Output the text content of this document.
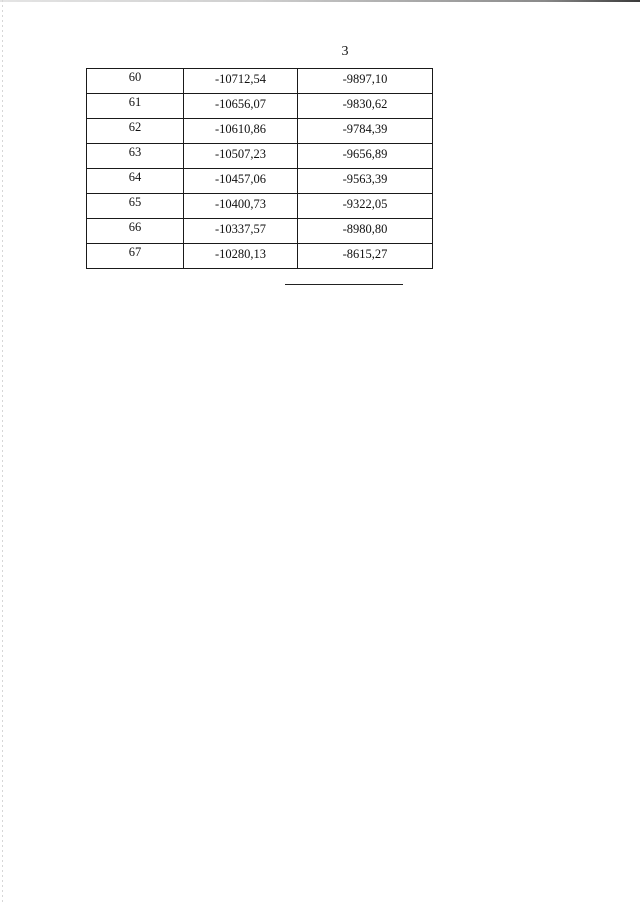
3
60	-10712,54	-9897,10
61	-10656,07	-9830,62
62	-10610,86	-9784,39
63	-10507,23	-9656,89
64	-10457,06	-9563,39
65	-10400,73	-9322,05
66	-10337,57	-8980,80
67	-10280,13	-8615,27
